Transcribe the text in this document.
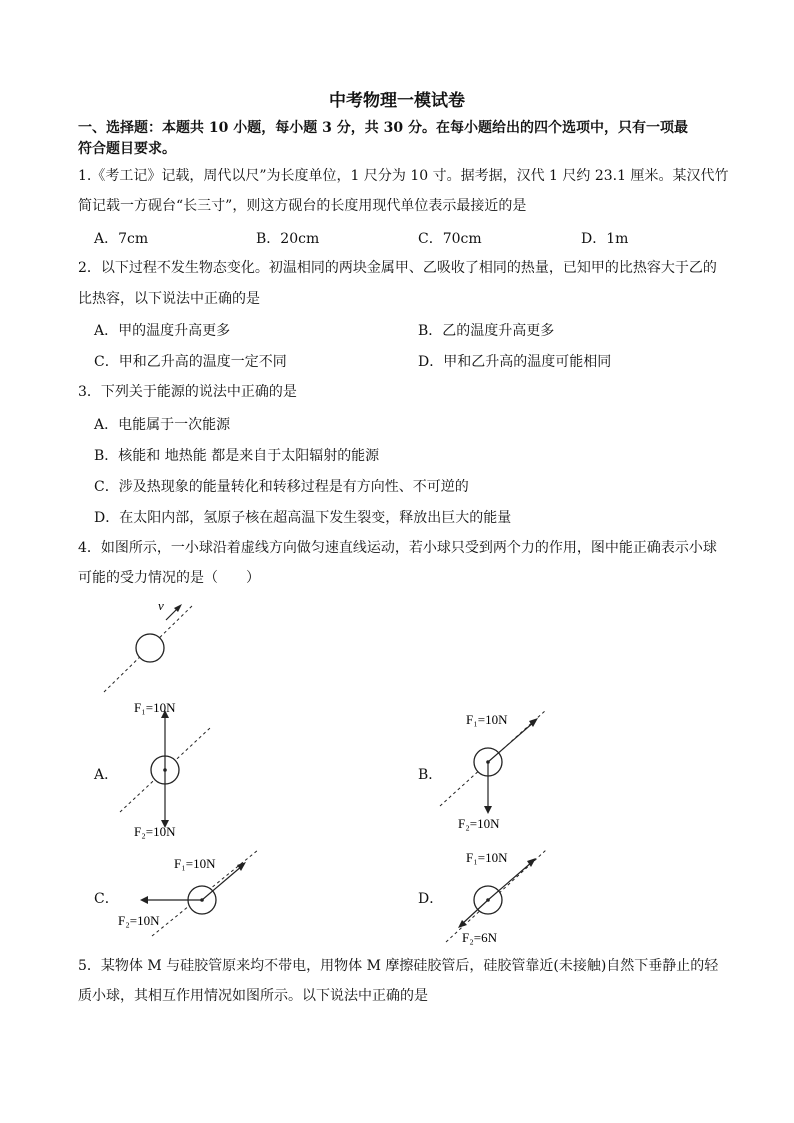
中考物理一模试卷
一、选择题：本题共 10 小题，每小题 3 分，共 30 分。在每小题给出的四个选项中，只有一项最
符合题目要求。
1.《考工记》记载，周代以尺”为长度单位，1 尺分为 10 寸。据考据，汉代 1 尺约 23.1 厘米。某汉代竹
简记载一方砚台“长三寸”，则这方砚台的长度用现代单位表示最接近的是
A．7cm	B．20cm	C．70cm	D．1m
2．以下过程不发生物态变化。初温相同的两块金属甲、乙吸收了相同的热量，已知甲的比热容大于乙的
比热容，以下说法中正确的是
A．甲的温度升高更多	B．乙的温度升高更多
C．甲和乙升高的温度一定不同	D．甲和乙升高的温度可能相同
3．下列关于能源的说法中正确的是
A．电能属于一次能源
B．核能和 地热能 都是来自于太阳辐射的能源
C．涉及热现象的能量转化和转移过程是有方向性、不可逆的
D．在太阳内部，氢原子核在超高温下发生裂变，释放出巨大的能量
4．如图所示，一小球沿着虚线方向做匀速直线运动，若小球只受到两个力的作用，图中能正确表示小球
可能的受力情况的是（　　）
v
A．
F₁=10N
F₂=10N
B．
F₁=10N
F₂=10N
C．
F₁=10N
F₂=10N
D．
F₁=10N
F₂=6N
5．某物体 M 与硅胶管原来均不带电，用物体 M 摩擦硅胶管后，硅胶管靠近(未接触)自然下垂静止的轻
质小球，其相互作用情况如图所示。以下说法中正确的是
